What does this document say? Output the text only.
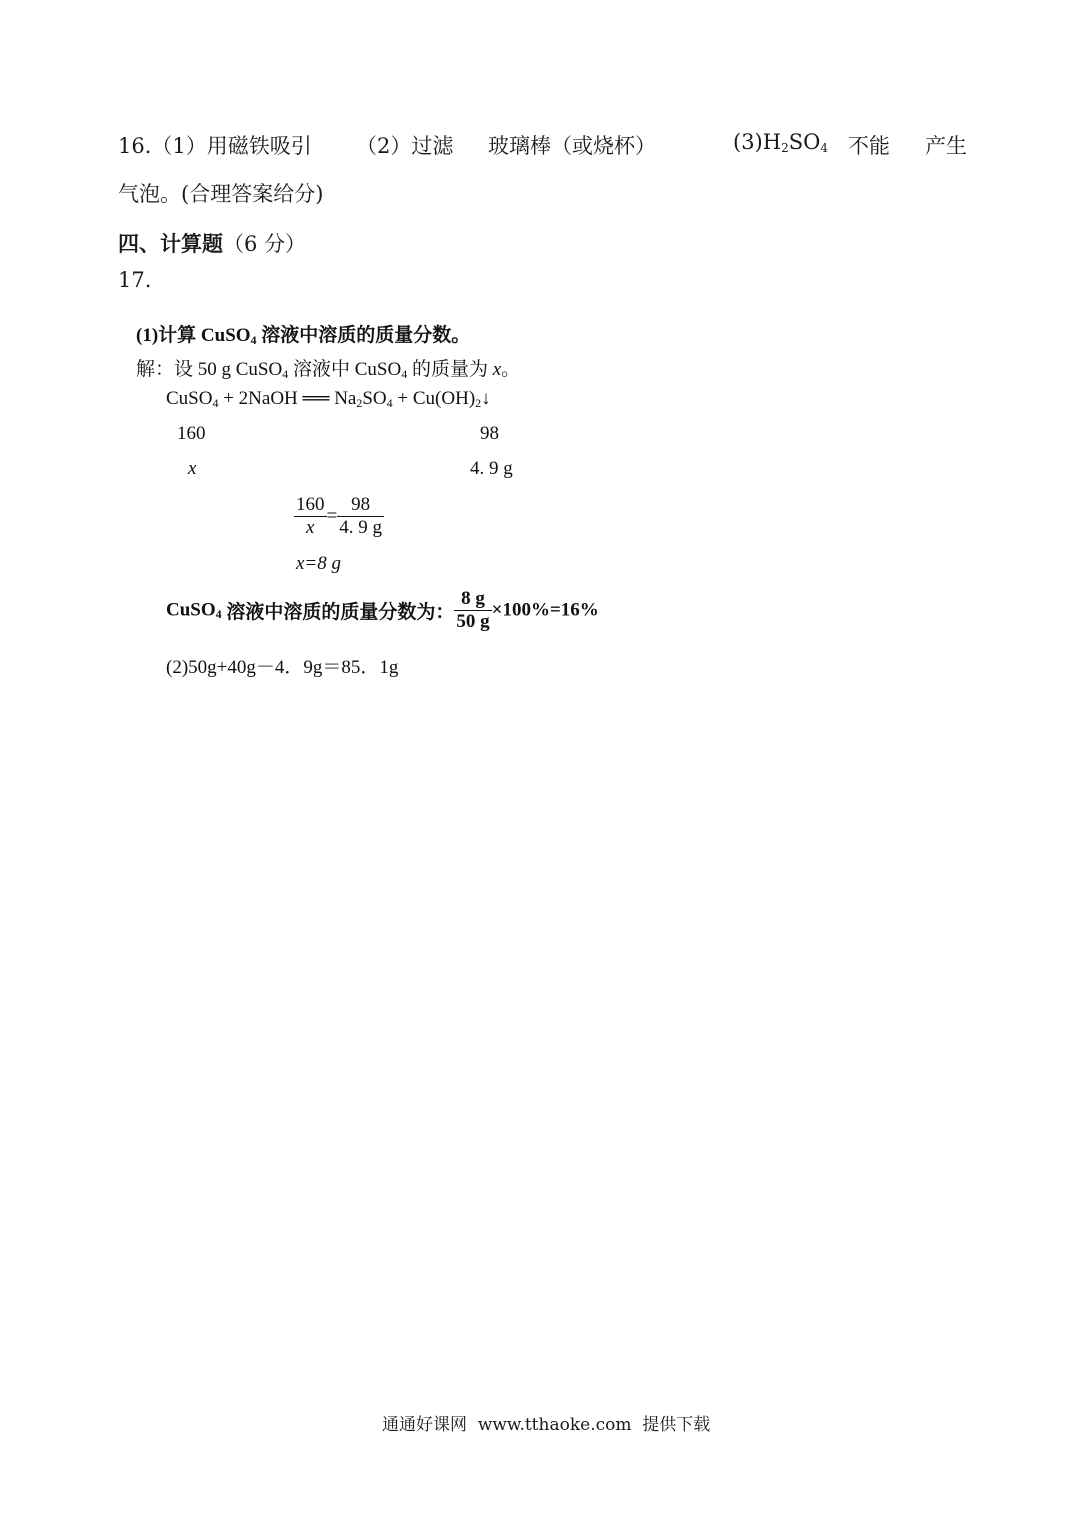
16.（1）用磁铁吸引 （2）过滤 玻璃棒（或烧杯）	$(3)H_2SO_4$ 不能 产生
气泡。(合理答案给分)
四、计算题（6 分）
17.
(1)计算 CuSO$_4$ 溶液中溶质的质量分数。
解：设 50 g CuSO$_4$ 溶液中 CuSO$_4$ 的质量为 x。
CuSO$_4$ + 2NaOH ══ $Na_2SO_4$ + $Cu(OH)_2↓$
160	98
x	4. 9 g
$\frac{160}{x} = \frac{98}{4. 9 g}$
x=8 g
CuSO$_4$ 溶液中溶质的质量分数为： $\frac{8 g}{50 g} \times 100\%=16\%$
(2)50g+40g－4．9g＝85．1g
通通好课网 www.tthaoke.com 提供下载
